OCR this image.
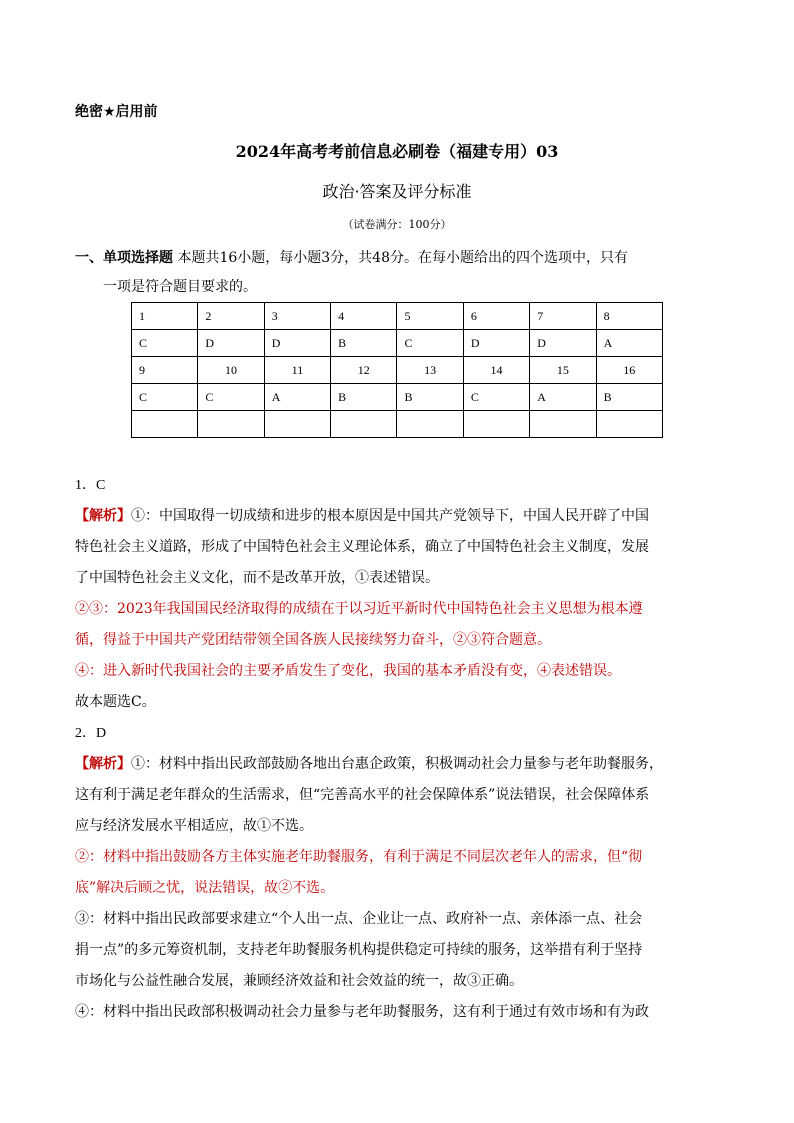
绝密★启用前
2024年高考考前信息必刷卷（福建专用）03
政治·答案及评分标准
（试卷满分：100分）
一、单项选择题 本题共16小题，每小题3分，共48分。在每小题给出的四个选项中，只有
一项是符合题目要求的。
1	2	3	4	5	6	7	8
C	D	D	B	C	D	D	A
9	10	11	12	13	14	15	16
C	C	A	B	B	C	A	B

1．C

【解析】①：中国取得一切成绩和进步的根本原因是中国共产党领导下，中国人民开辟了中国

特色社会主义道路，形成了中国特色社会主义理论体系，确立了中国特色社会主义制度，发展

了中国特色社会主义文化，而不是改革开放，①表述错误。

②③：2023年我国国民经济取得的成绩在于以习近平新时代中国特色社会主义思想为根本遵

循，得益于中国共产党团结带领全国各族人民接续努力奋斗，②③符合题意。

④：进入新时代我国社会的主要矛盾发生了变化，我国的基本矛盾没有变，④表述错误。

故本题选C。

2．D

【解析】①：材料中指出民政部鼓励各地出台惠企政策，积极调动社会力量参与老年助餐服务，

这有利于满足老年群众的生活需求，但“完善高水平的社会保障体系”说法错误，社会保障体系

应与经济发展水平相适应，故①不选。

②：材料中指出鼓励各方主体实施老年助餐服务，有利于满足不同层次老年人的需求，但“彻

底”解决后顾之忧，说法错误，故②不选。

③：材料中指出民政部要求建立“个人出一点、企业让一点、政府补一点、亲体添一点、社会

捐一点”的多元筹资机制，支持老年助餐服务机构提供稳定可持续的服务，这举措有利于坚持

市场化与公益性融合发展，兼顾经济效益和社会效益的统一，故③正确。

④：材料中指出民政部积极调动社会力量参与老年助餐服务，这有利于通过有效市场和有为政
